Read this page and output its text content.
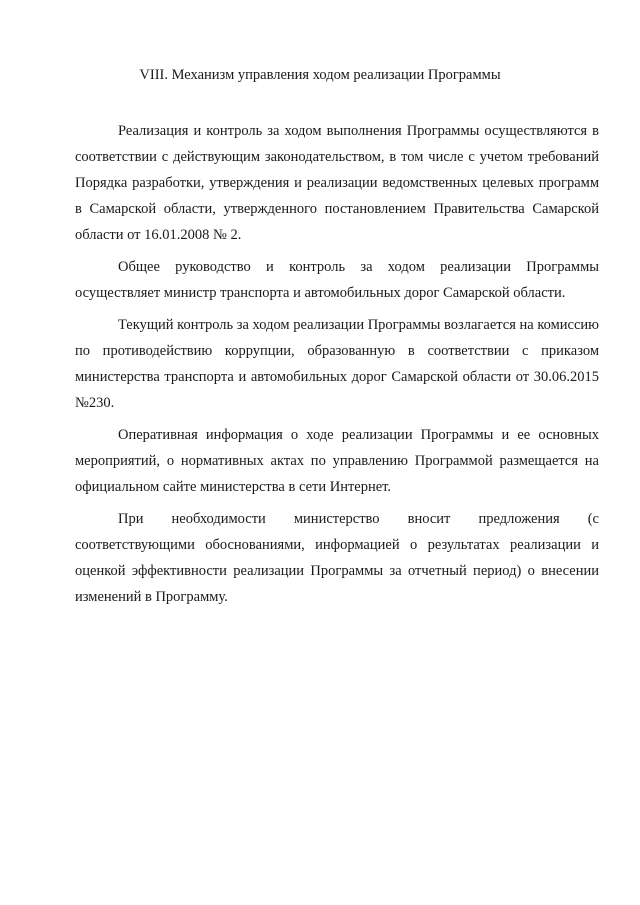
VIII. Механизм управления ходом реализации Программы

Реализация и контроль за ходом выполнения Программы осуществляются в соответствии с действующим законодательством, в том числе с учетом требований Порядка разработки, утверждения и реализации ведомственных целевых программ в Самарской области, утвержденного постановлением Правительства Самарской области от 16.01.2008 № 2.

Общее руководство и контроль за ходом реализации Программы осуществляет министр транспорта и автомобильных дорог Самарской области.

Текущий контроль за ходом реализации Программы возлагается на комиссию по противодействию коррупции, образованную в соответствии с приказом министерства транспорта и автомобильных дорог Самарской области от 30.06.2015 №230.

Оперативная информация о ходе реализации Программы и ее основных мероприятий, о нормативных актах по управлению Программой размещается на официальном сайте министерства в сети Интернет.

При необходимости министерство вносит предложения (с соответствующими обоснованиями, информацией о результатах реализации и оценкой эффективности реализации Программы за отчетный период) о внесении изменений в Программу.
